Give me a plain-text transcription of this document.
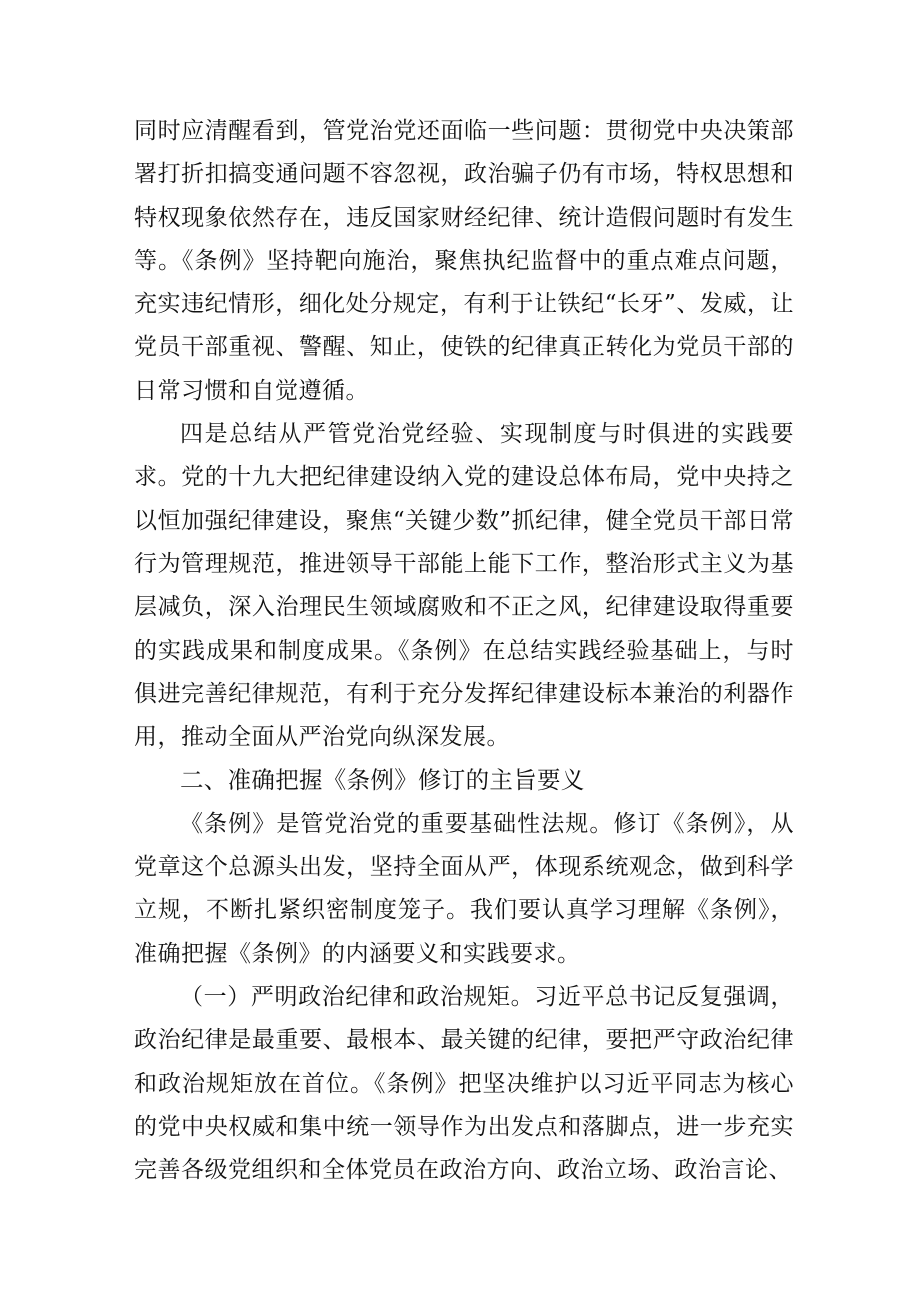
同时应清醒看到，管党治党还面临一些问题：贯彻党中央决策部署打折扣搞变通问题不容忽视，政治骗子仍有市场，特权思想和特权现象依然存在，违反国家财经纪律、统计造假问题时有发生等。《条例》坚持靶向施治，聚焦执纪监督中的重点难点问题，充实违纪情形，细化处分规定，有利于让铁纪“长牙”、发威，让党员干部重视、警醒、知止，使铁的纪律真正转化为党员干部的日常习惯和自觉遵循。

四是总结从严管党治党经验、实现制度与时俱进的实践要求。党的十九大把纪律建设纳入党的建设总体布局，党中央持之以恒加强纪律建设，聚焦“关键少数”抓纪律，健全党员干部日常行为管理规范，推进领导干部能上能下工作，整治形式主义为基层减负，深入治理民生领域腐败和不正之风，纪律建设取得重要的实践成果和制度成果。《条例》在总结实践经验基础上，与时俱进完善纪律规范，有利于充分发挥纪律建设标本兼治的利器作用，推动全面从严治党向纵深发展。

二、准确把握《条例》修订的主旨要义

《条例》是管党治党的重要基础性法规。修订《条例》，从党章这个总源头出发，坚持全面从严，体现系统观念，做到科学立规，不断扎紧织密制度笼子。我们要认真学习理解《条例》，准确把握《条例》的内涵要义和实践要求。

（一）严明政治纪律和政治规矩。习近平总书记反复强调，政治纪律是最重要、最根本、最关键的纪律，要把严守政治纪律和政治规矩放在首位。《条例》把坚决维护以习近平同志为核心的党中央权威和集中统一领导作为出发点和落脚点，进一步充实完善各级党组织和全体党员在政治方向、政治立场、政治言论、
